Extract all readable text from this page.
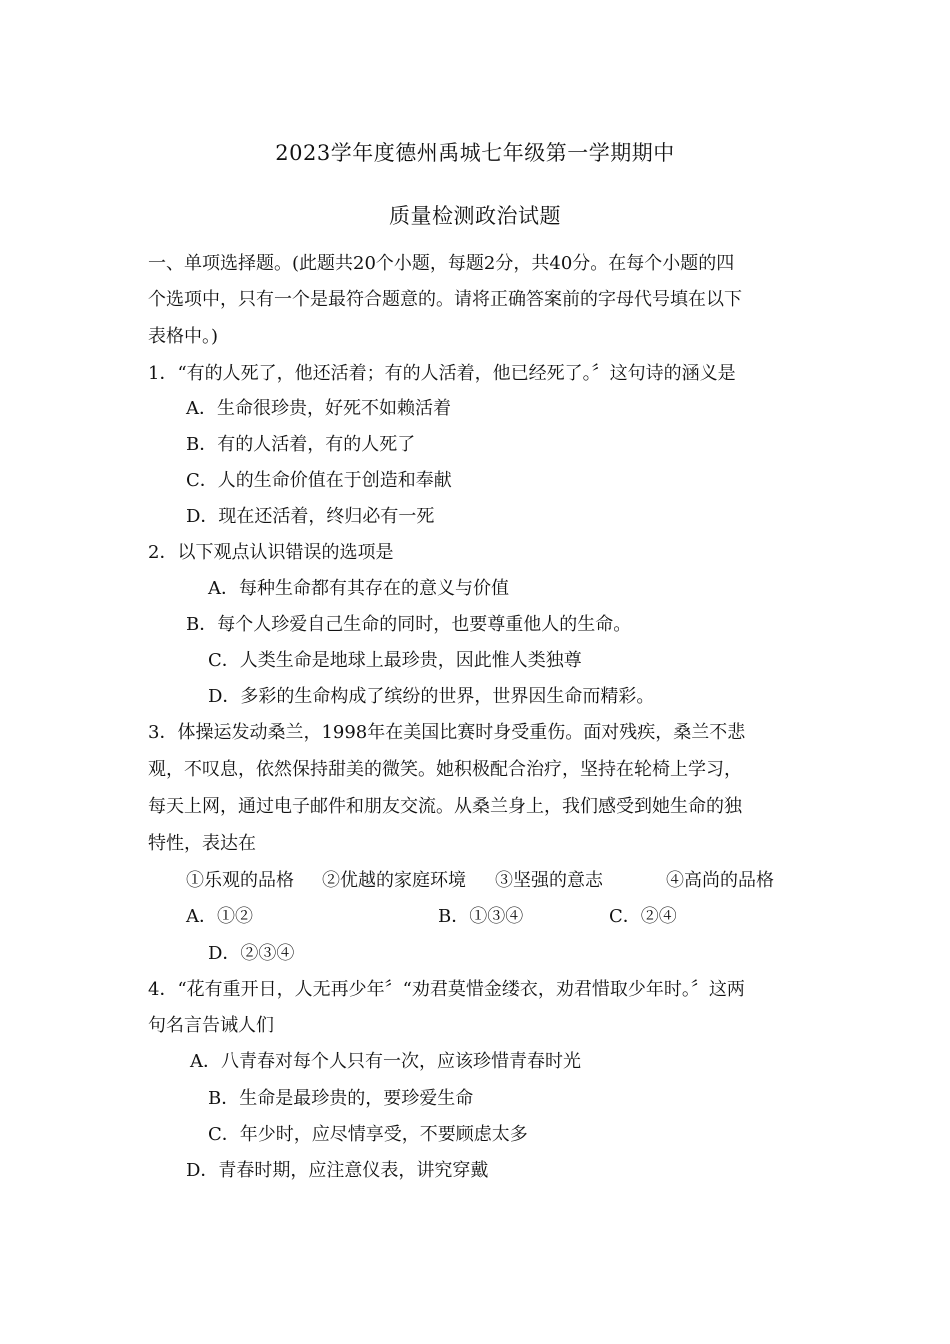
2023学年度德州禹城七年级第一学期期中
质量检测政治试题
一、单项选择题。(此题共20个小题，每题2分，共40分。在每个小题的四
个选项中，只有一个是最符合题意的。请将正确答案前的字母代号填在以下
表格中。)
1．“有的人死了，他还活着；有的人活着，他已经死了。〞这句诗的涵义是
A．生命很珍贵，好死不如赖活着
B．有的人活着，有的人死了
C．人的生命价值在于创造和奉献
D．现在还活着，终归必有一死
2．以下观点认识错误的选项是
A．每种生命都有其存在的意义与价值
B．每个人珍爱自己生命的同时，也要尊重他人的生命。
C．人类生命是地球上最珍贵，因此惟人类独尊
D．多彩的生命构成了缤纷的世界，世界因生命而精彩。
3．体操运发动桑兰，1998年在美国比赛时身受重伤。面对残疾，桑兰不悲
观，不叹息，依然保持甜美的微笑。她积极配合治疗，坚持在轮椅上学习，
每天上网，通过电子邮件和朋友交流。从桑兰身上，我们感受到她生命的独
特性，表达在
①乐观的品格 ②优越的家庭环境 ③坚强的意志	④高尚的品格
A．①②	B．①③④	C．②④
D．②③④
4．“花有重开日，人无再少年〞“劝君莫惜金缕衣，劝君惜取少年时。〞这两
句名言告诫人们
A．八青春对每个人只有一次，应该珍惜青春时光
B．生命是最珍贵的，要珍爱生命
C．年少时，应尽情享受，不要顾虑太多
D．青春时期，应注意仪表，讲究穿戴
